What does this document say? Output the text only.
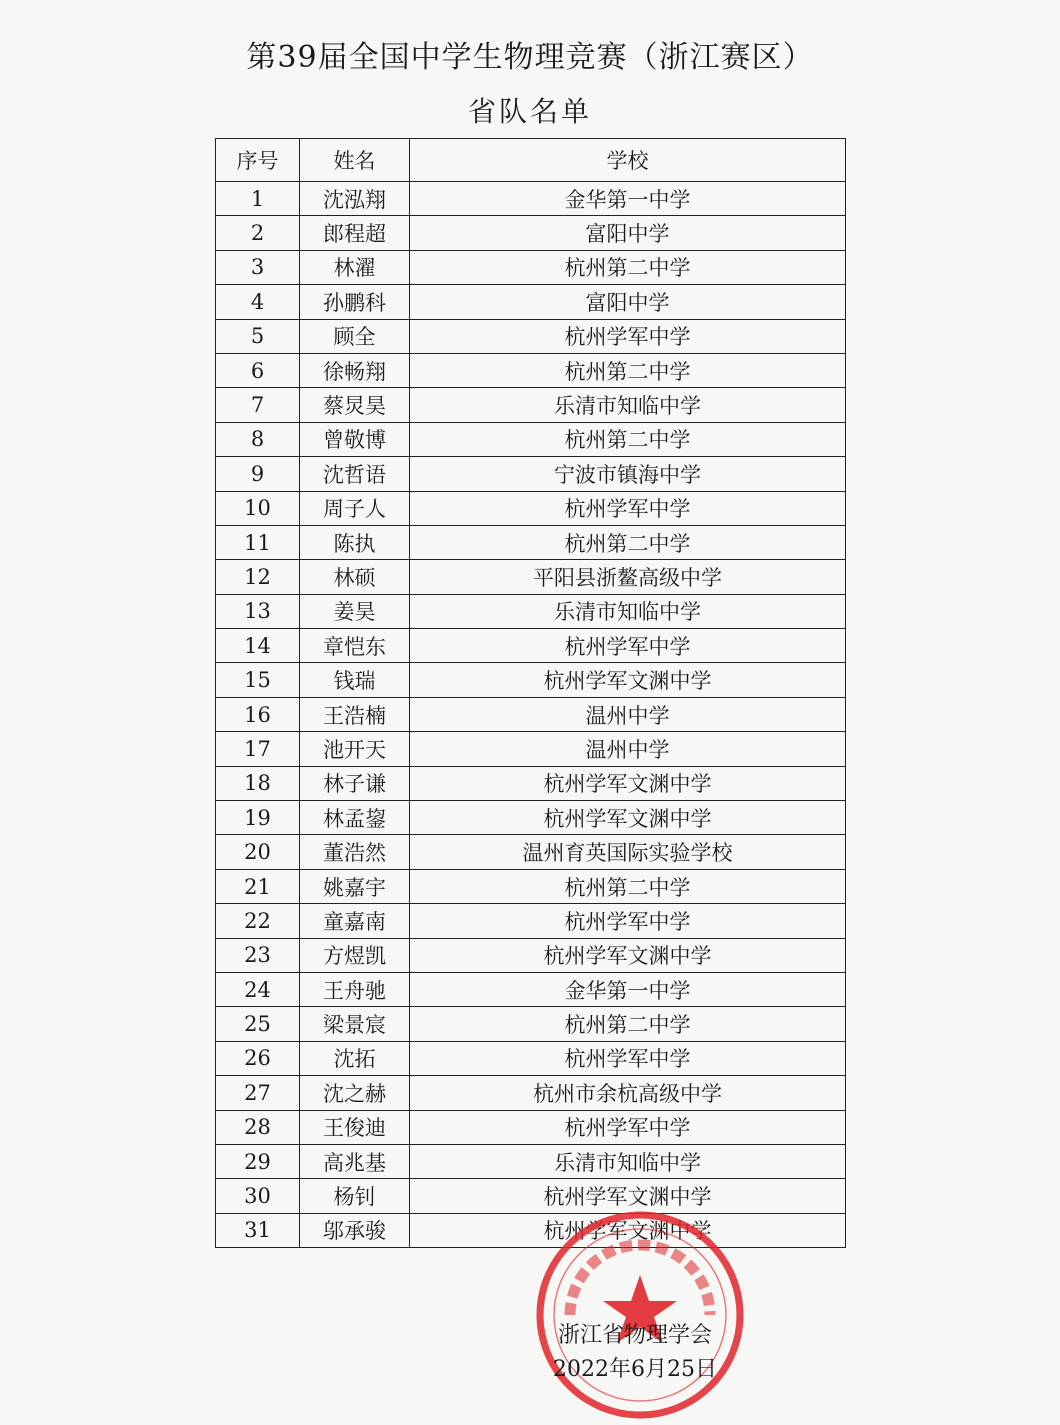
第39届全国中学生物理竞赛（浙江赛区）
省队名单
序号	姓名	学校
1	沈泓翔	金华第一中学
2	郎程超	富阳中学
3	林濯	杭州第二中学
4	孙鹏科	富阳中学
5	顾全	杭州学军中学
6	徐畅翔	杭州第二中学
7	蔡炅昊	乐清市知临中学
8	曾敬博	杭州第二中学
9	沈哲语	宁波市镇海中学
10	周子人	杭州学军中学
11	陈执	杭州第二中学
12	林硕	平阳县浙鳌高级中学
13	姜昊	乐清市知临中学
14	章恺东	杭州学军中学
15	钱瑞	杭州学军文渊中学
16	王浩楠	温州中学
17	池开天	温州中学
18	林子谦	杭州学军文渊中学
19	林孟鋆	杭州学军文渊中学
20	董浩然	温州育英国际实验学校
21	姚嘉宇	杭州第二中学
22	童嘉南	杭州学军中学
23	方煜凯	杭州学军文渊中学
24	王舟驰	金华第一中学
25	梁景宸	杭州第二中学
26	沈拓	杭州学军中学
27	沈之赫	杭州市余杭高级中学
28	王俊迪	杭州学军中学
29	高兆基	乐清市知临中学
30	杨钊	杭州学军文渊中学
31	邬承骏	杭州学军文渊中学
浙江省物理学会
2022年6月25日
